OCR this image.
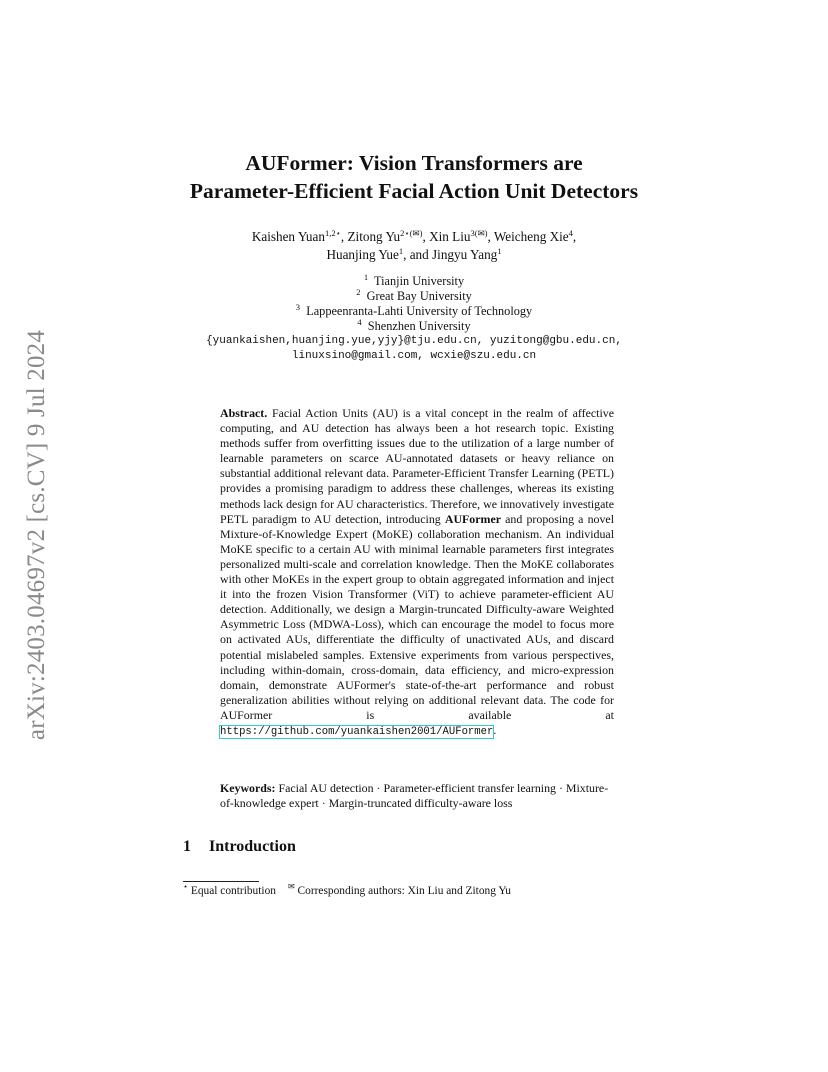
arXiv:2403.04697v2 [cs.CV] 9 Jul 2024
AUFormer: Vision Transformers are
Parameter-Efficient Facial Action Unit Detectors
Kaishen Yuan$^{1,2⋆}$, Zitong $Yu^{2⋆(✉)}$, Xin Liu$^{3(✉)}$, Weicheng Xie$^4$,
Huanjing Yue$^1$, and Jingyu Yang$^1$
$^1$ Tianjin University
$^2$ Great Bay University
$^3$ Lappeenranta-Lahti University of Technology
$^4$ Shenzhen University
{yuankaishen,huanjing.yue,yjy}@tju.edu.cn, yuzitong@gbu.edu.cn,
linuxsino@gmail.com, wcxie@szu.edu.cn
Abstract. Facial Action Units (AU) is a vital concept in the realm of affective computing, and AU detection has always been a hot research topic. Existing methods suffer from overfitting issues due to the utilization of a large number of learnable parameters on scarce AU-annotated datasets or heavy reliance on substantial additional relevant data. Parameter-Efficient Transfer Learning (PETL) provides a promising paradigm to address these challenges, whereas its existing methods lack design for AU characteristics. Therefore, we innovatively investigate PETL paradigm to AU detection, introducing AUFormer and proposing a novel Mixture-of-Knowledge Expert (MoKE) collaboration mechanism. An individual MoKE specific to a certain AU with minimal learnable parameters first integrates personalized multi-scale and correlation knowledge. Then the MoKE collaborates with other MoKEs in the expert group to obtain aggregated information and inject it into the frozen Vision Transformer (ViT) to achieve parameter-efficient AU detection. Additionally, we design a Margin-truncated Difficulty-aware Weighted Asymmetric Loss (MDWA-Loss), which can encourage the model to focus more on activated AUs, differentiate the difficulty of unactivated AUs, and discard potential mislabeled samples. Extensive experiments from various perspectives, including within-domain, cross-domain, data efficiency, and micro-expression domain, demonstrate AUFormer's state-of-the-art performance and robust generalization abilities without relying on additional relevant data. The code for AUFormer is available at https://github.com/yuankaishen2001/AUFormer.
Keywords: Facial AU detection · Parameter-efficient transfer learning · Mixture-of-knowledge expert · Margin-truncated difficulty-aware loss
1 Introduction
⋆ Equal contribution ✉ Corresponding authors: Xin Liu and Zitong Yu
